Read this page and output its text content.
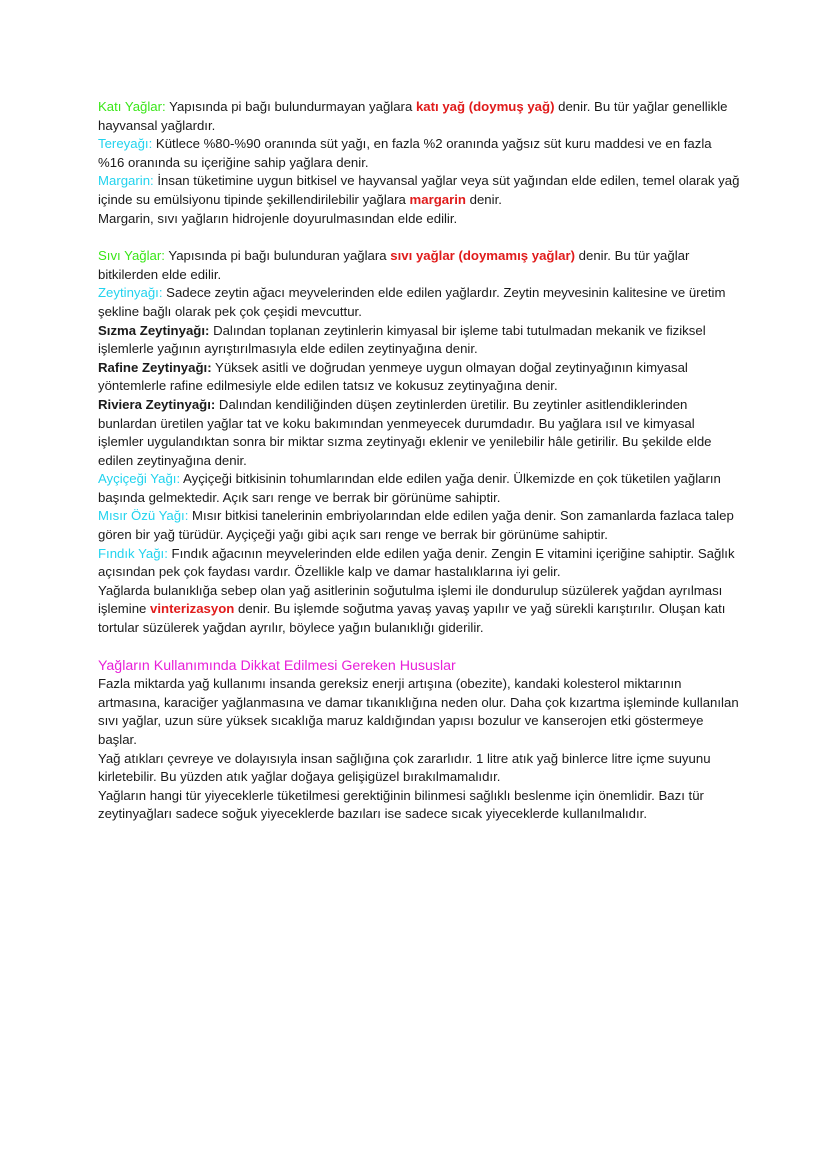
Katı Yağlar: Yapısında pi bağı bulundurmayan yağlara katı yağ (doymuş yağ) denir. Bu tür yağlar genellikle hayvansal yağlardır.

Tereyağı: Kütlece %80-%90 oranında süt yağı, en fazla %2 oranında yağsız süt kuru maddesi ve en fazla %16 oranında su içeriğine sahip yağlara denir.

Margarin: İnsan tüketimine uygun bitkisel ve hayvansal yağlar veya süt yağından elde edilen, temel olarak yağ içinde su emülsiyonu tipinde şekillendirilebilir yağlara margarin denir.

Margarin, sıvı yağların hidrojenle doyurulmasından elde edilir.

Sıvı Yağlar: Yapısında pi bağı bulunduran yağlara sıvı yağlar (doymamış yağlar) denir. Bu tür yağlar bitkilerden elde edilir.

Zeytinyağı: Sadece zeytin ağacı meyvelerinden elde edilen yağlardır. Zeytin meyvesinin kalitesine ve üretim şekline bağlı olarak pek çok çeşidi mevcuttur.

Sızma Zeytinyağı: Dalından toplanan zeytinlerin kimyasal bir işleme tabi tutulmadan mekanik ve fiziksel işlemlerle yağının ayrıştırılmasıyla elde edilen zeytinyağına denir.

Rafine Zeytinyağı: Yüksek asitli ve doğrudan yenmeye uygun olmayan doğal zeytinyağının kimyasal yöntemlerle rafine edilmesiyle elde edilen tatsız ve kokusuz zeytinyağına denir.

Riviera Zeytinyağı: Dalından kendiliğinden düşen zeytinlerden üretilir. Bu zeytinler asitlendiklerinden bunlardan üretilen yağlar tat ve koku bakımından yenmeyecek durumdadır. Bu yağlara ısıl ve kimyasal işlemler uygulandıktan sonra bir miktar sızma zeytinyağı eklenir ve yenilebilir hâle getirilir. Bu şekilde elde edilen zeytinyağına denir.

Ayçiçeği Yağı: Ayçiçeği bitkisinin tohumlarından elde edilen yağa denir. Ülkemizde en çok tüketilen yağların başında gelmektedir. Açık sarı renge ve berrak bir görünüme sahiptir.

Mısır Özü Yağı: Mısır bitkisi tanelerinin embriyolarından elde edilen yağa denir. Son zamanlarda fazlaca talep gören bir yağ türüdür. Ayçiçeği yağı gibi açık sarı renge ve berrak bir görünüme sahiptir.

Fındık Yağı: Fındık ağacının meyvelerinden elde edilen yağa denir. Zengin E vitamini içeriğine sahiptir. Sağlık açısından pek çok faydası vardır. Özellikle kalp ve damar hastalıklarına iyi gelir.

Yağlarda bulanıklığa sebep olan yağ asitlerinin soğutulma işlemi ile dondurulup süzülerek yağdan ayrılması işlemine vinterizasyon denir. Bu işlemde soğutma yavaş yavaş yapılır ve yağ sürekli karıştırılır. Oluşan katı tortular süzülerek yağdan ayrılır, böylece yağın bulanıklığı giderilir.

Yağların Kullanımında Dikkat Edilmesi Gereken Hususlar

Fazla miktarda yağ kullanımı insanda gereksiz enerji artışına (obezite), kandaki kolesterol miktarının artmasına, karaciğer yağlanmasına ve damar tıkanıklığına neden olur. Daha çok kızartma işleminde kullanılan sıvı yağlar, uzun süre yüksek sıcaklığa maruz kaldığından yapısı bozulur ve kanserojen etki göstermeye başlar.

Yağ atıkları çevreye ve dolayısıyla insan sağlığına çok zararlıdır. 1 litre atık yağ binlerce litre içme suyunu kirletebilir. Bu yüzden atık yağlar doğaya gelişigüzel bırakılmamalıdır.

Yağların hangi tür yiyeceklerle tüketilmesi gerektiğinin bilinmesi sağlıklı beslenme için önemlidir. Bazı tür zeytinyağları sadece soğuk yiyeceklerde bazıları ise sadece sıcak yiyeceklerde kullanılmalıdır.
